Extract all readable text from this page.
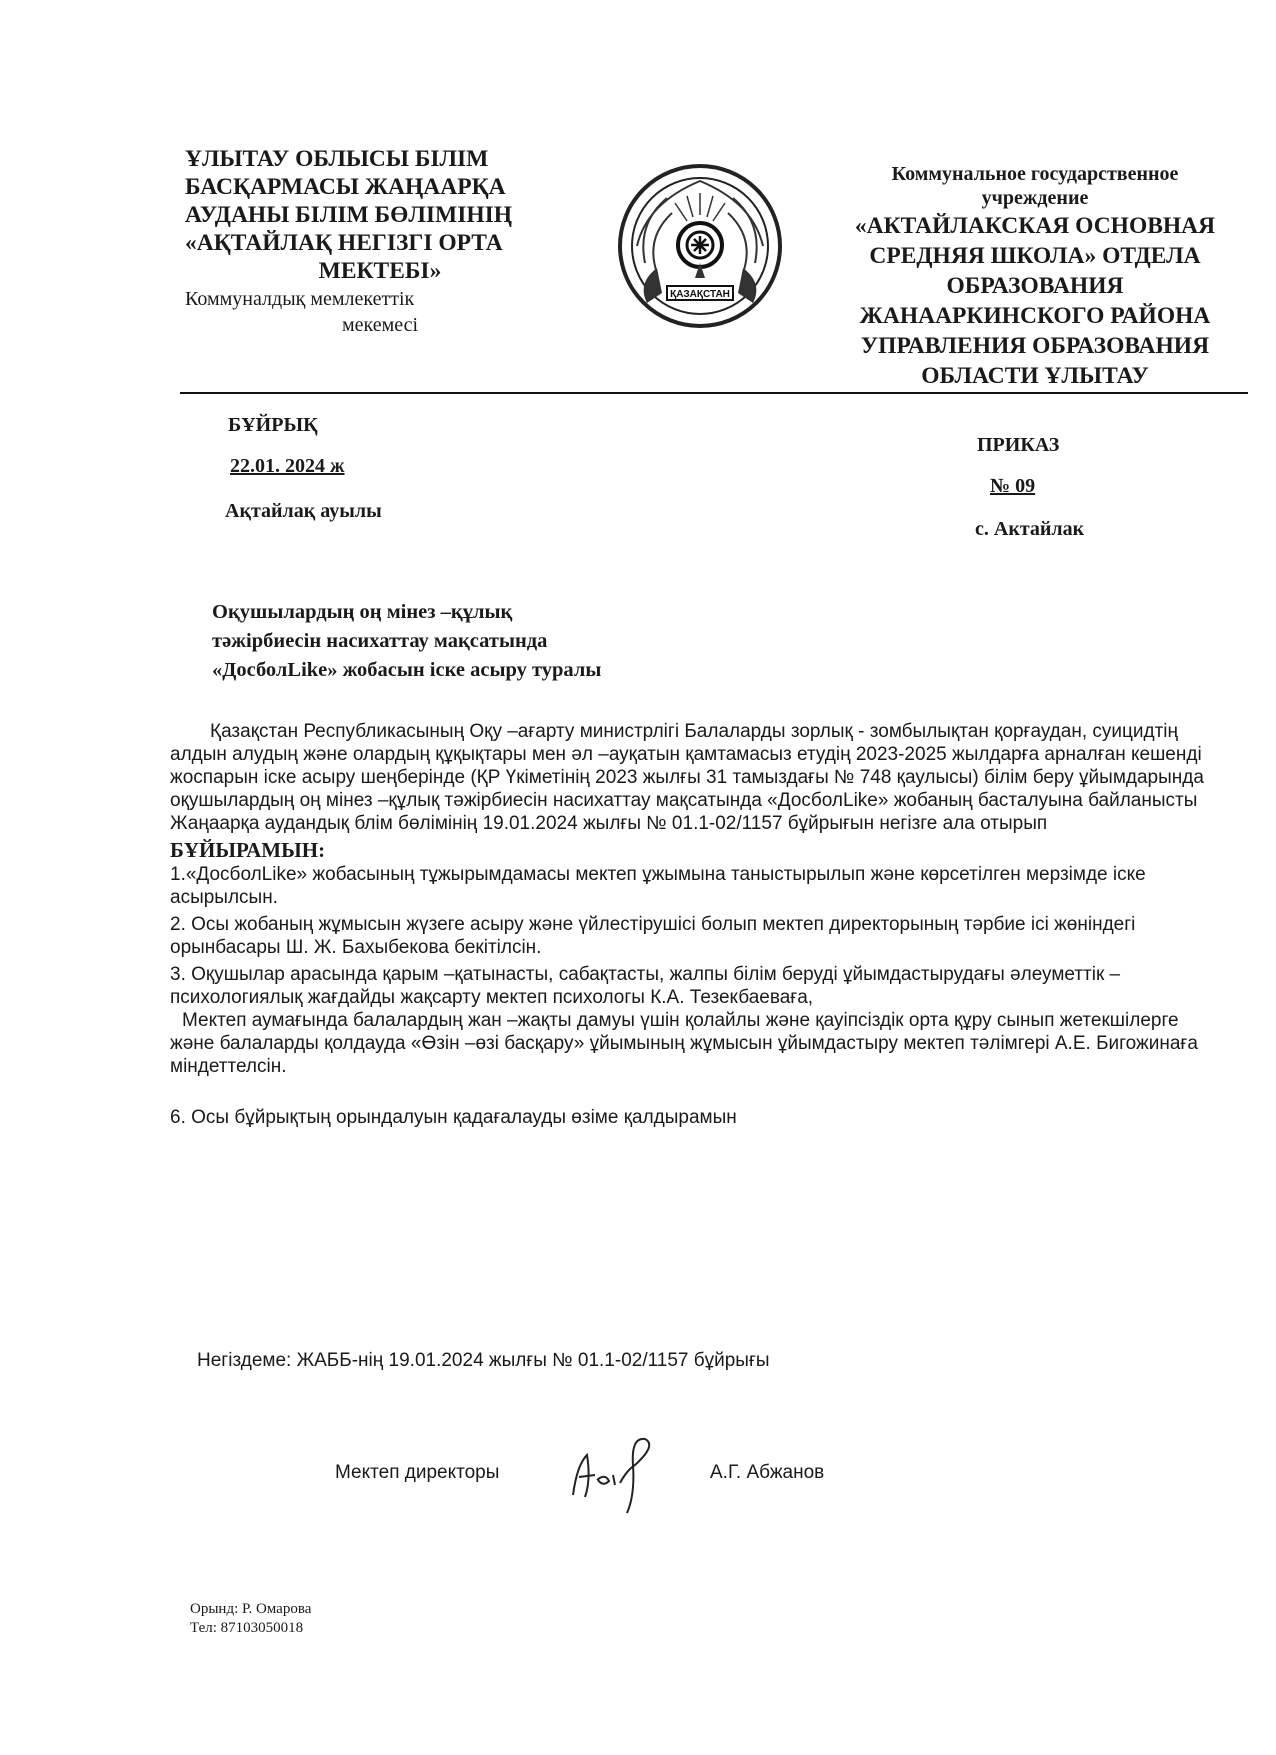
ҰЛЫТАУ ОБЛЫСЫ БІЛІМ
БАСҚАРМАСЫ ЖАҢААРҚА
АУДАНЫ БІЛІМ БӨЛІМІНІҢ
«АҚТАЙЛАҚ НЕГІЗГІ ОРТА
МЕКТЕБІ»
Коммуналдық мемлекеттік
мекемесі
ҚАЗАҚСТАН
Коммунальное государственное
учреждение
«АКТАЙЛАКСКАЯ ОСНОВНАЯ
СРЕДНЯЯ ШКОЛА» ОТДЕЛА
ОБРАЗОВАНИЯ
ЖАНААРКИНСКОГО РАЙОНА
УПРАВЛЕНИЯ ОБРАЗОВАНИЯ
ОБЛАСТИ ҰЛЫТАУ
БҰЙРЫҚ
22.01. 2024 ж
Ақтайлақ ауылы
ПРИКАЗ
№ 09
с. Актайлак
Оқушылардың оң мінез –құлық
тәжірбиесін насихаттау мақсатында
«ДосболLike» жобасын іске асыру туралы

Қазақстан Республикасының Оқу –ағарту министрлігі Балаларды зорлық - зомбылықтан қорғаудан, суицидтің алдын алудың және олардың құқықтары мен әл –ауқатын қамтамасыз етудің 2023-2025 жылдарға арналған кешенді жоспарын іске асыру шеңберінде (ҚР Үкіметінің 2023 жылғы 31 тамыздағы № 748 қаулысы) білім беру ұйымдарында оқушылардың оң мінез –құлық тәжірбиесін насихаттау мақсатында «ДосболLike» жобаның басталуына байланысты Жаңаарқа аудандық блім бөлімінің 19.01.2024 жылғы № 01.1-02/1157 бұйрығын негізге ала отырып

БҰЙЫРАМЫН:

1.«ДосболLike» жобасының тұжырымдамасы мектеп ұжымына таныстырылып және көрсетілген мерзімде іске асырылсын.

2. Осы жобаның жұмысын жүзеге асыру және үйлестірушісі болып мектеп директорының тәрбие ісі жөніндегі орынбасары Ш. Ж. Бахыбекова бекітілсін.

3. Оқушылар арасында қарым –қатынасты, сабақтасты, жалпы білім беруді ұйымдастырудағы әлеуметтік –психологиялық жағдайды жақсарту мектеп психологы К.А. Тезекбаеваға,

Мектеп аумағында балалардың жан –жақты дамуы үшін қолайлы және қауіпсіздік орта құру сынып жетекшілерге және балаларды қолдауда «Өзін –өзі басқару» ұйымының жұмысын ұйымдастыру мектеп тәлімгері А.Е. Бигожинаға міндеттелсін.

6. Осы бұйрықтың орындалуын қадағалауды өзіме қалдырамын

Негіздеме: ЖАББ-нің 19.01.2024 жылғы № 01.1-02/1157 бұйрығы
Мектеп директоры	А.Г. Абжанов
Орынд: Р. Омарова
Тел: 87103050018
